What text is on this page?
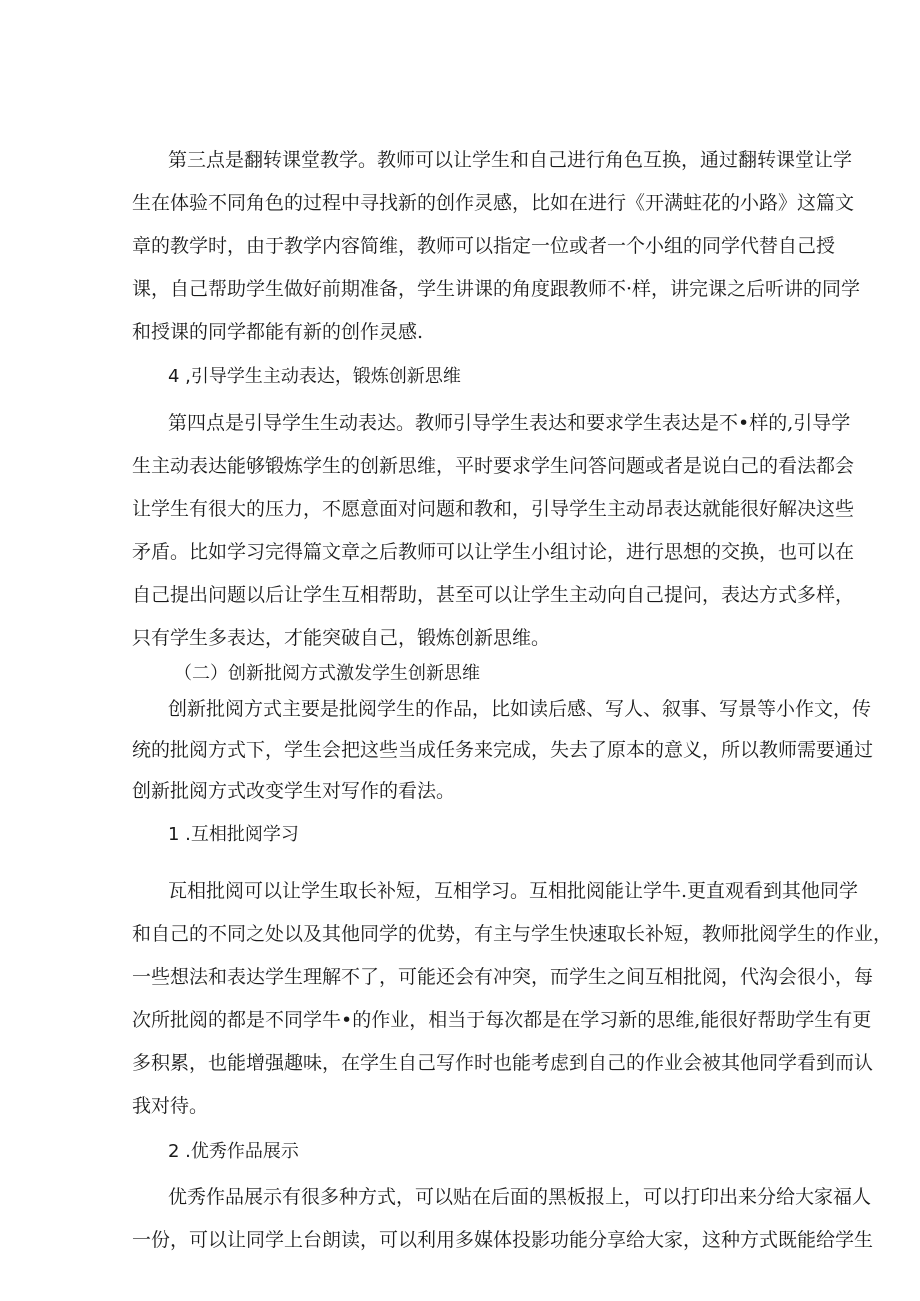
第三点是翻转课堂教学。教师可以让学生和自己进行角色互换，通过翻转课堂让学
生在体验不同角色的过程中寻找新的创作灵感，比如在进行《开满蛀花的小路》这篇文
章的教学时，由于教学内容简维，教师可以指定一位或者一个小组的同学代替自己授
课，自己帮助学生做好前期准备，学生讲课的角度跟教师不·样，讲完课之后听讲的同学
和授课的同学都能有新的创作灵感.
4 ,引导学生主动表达，锻炼创新思维
第四点是引导学生生动表达。教师引导学生表达和要求学生表达是不•样的,引导学
生主动表达能够锻炼学生的创新思维，平时要求学生问答问题或者是说白己的看法都会
让学生有很大的压力，不愿意面对问题和教和，引导学生主动昂表达就能很好解决这些
矛盾。比如学习完得篇文章之后教师可以让学生小组讨论，进行思想的交换，也可以在
自己提出问题以后让学生互相帮助，甚至可以让学生主动向自己提问，表达方式多样，
只有学生多表达，才能突破自己，锻炼创新思维。
（二）创新批阅方式激发学生创新思维
创新批阅方式主要是批阅学生的作品，比如读后感、写人、叙事、写景等小作文，传
统的批阅方式下，学生会把这些当成任务来完成，失去了原本的意义，所以教师需要通过
创新批阅方式改变学生对写作的看法。
1 .互相批阅学习
瓦相批阅可以让学生取长补短，互相学习。互相批阅能让学牛.更直观看到其他同学
和自己的不同之处以及其他同学的优势，有主与学生快速取长补短，教师批阅学生的作业，
一些想法和表达学生理解不了，可能还会有冲突，而学生之间互相批阅，代沟会很小，每
次所批阅的都是不同学牛•的作业，相当于每次都是在学习新的思维,能很好帮助学生有更
多积累，也能增强趣味，在学生自己写作时也能考虑到自己的作业会被其他同学看到而认
我对待。
2 .优秀作品展示
优秀作品展示有很多种方式，可以贴在后面的黑板报上，可以打印出来分给大家福人
一份，可以让同学上台朗读，可以利用多媒体投影功能分享给大家，这种方式既能给学生
